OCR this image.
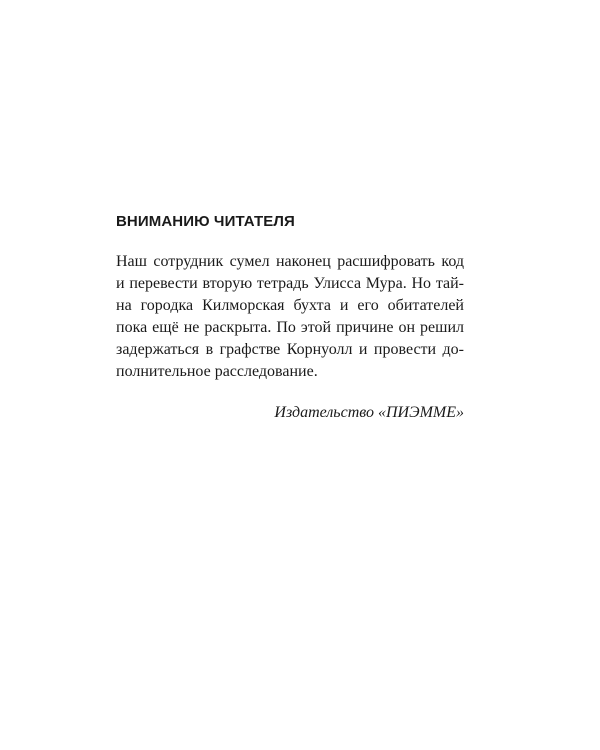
ВНИМАНИЮ ЧИТАТЕЛЯ
Наш сотрудник сумел наконец расшифровать код
и перевести вторую тетрадь Улисса Мура. Но тай-
на городка Килморская бухта и его обитателей
пока ещё не раскрыта. По этой причине он решил
задержаться в графстве Корнуолл и провести до-
полнительное расследование.
Издательство «ПИЭММЕ»
